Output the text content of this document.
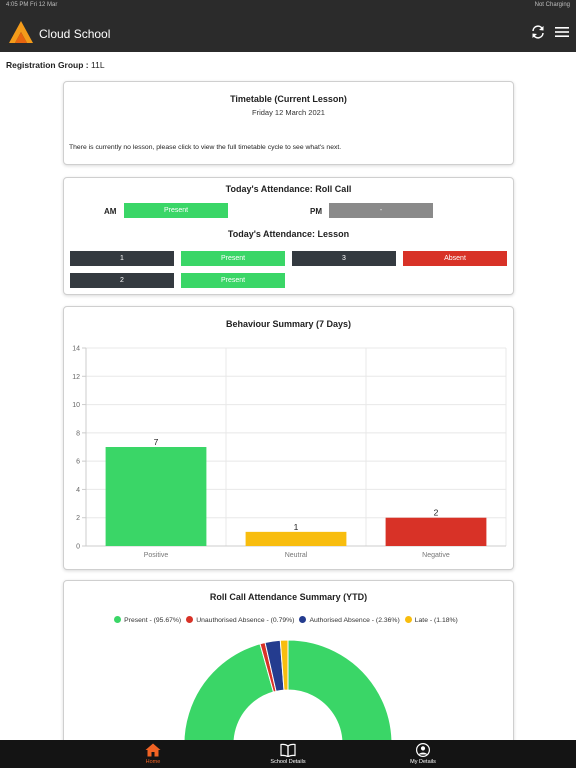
4:05 PM Fri 12 Mar	Not Charging
Cloud School
Registration Group : 11L
Timetable (Current Lesson)
Friday 12 March 2021
There is currently no lesson, please click to view the full timetable cycle to see what's next.
Today's Attendance: Roll Call
AM	Present	PM	-
Today's Attendance: Lesson
1	Present	3	Absent
2	Present
Behaviour Summary (7 Days)
0
2
4
6
8
10
12
14
7
Positive
1
Neutral
2
Negative
Roll Call Attendance Summary (YTD)
Present - (95.67%) Unauthorised Absence - (0.79%) Authorised Absence - (2.36%) Late - (1.18%)
Home	School Details	My Details
